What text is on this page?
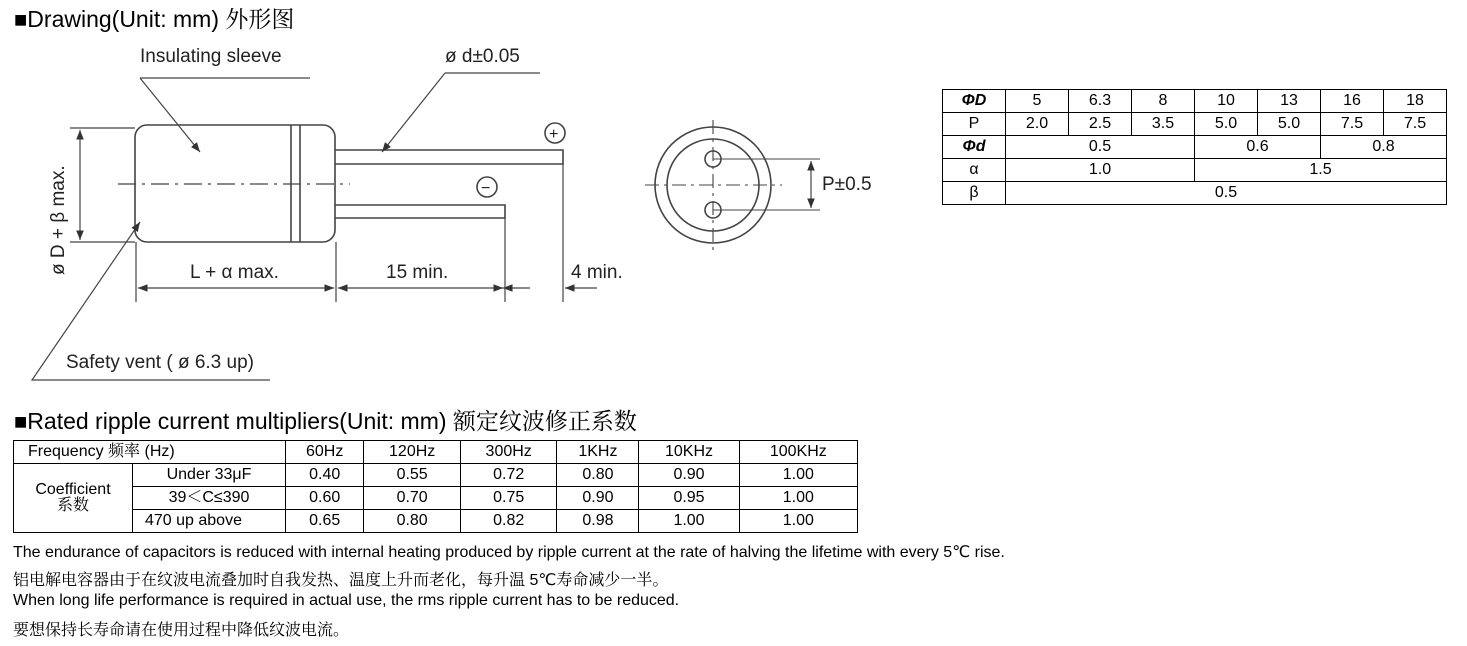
■Drawing(Unit: mm) 外形图
Insulating sleeve	ø d±0.05
ø D + β max.	L + α max.	15 min.	4 min.
P±0.5
Safety vent ( ø 6.3 up)
+
−
ΦD	5	6.3	8	10	13	16	18
P	2.0	2.5	3.5	5.0	5.0	7.5	7.5
Φd	0.5			0.6		0.8	
α	1.0			1.5			
β	0.5						
■Rated ripple current multipliers(Unit: mm) 额定纹波修正系数
Frequency 频率 (Hz)		60Hz	120Hz	300Hz	1KHz	10KHz	100KHz

Coefficient
系数	Under 33μF	0.40	0.55	0.72	0.80	0.90	1.00
	39＜C≤390	0.60	0.70	0.75	0.90	0.95	1.00
	470 up above	0.65	0.80	0.82	0.98	1.00	1.00
The endurance of capacitors is reduced with internal heating produced by ripple current at the rate of halving the lifetime with every 5℃ rise.
铝电解电容器由于在纹波电流叠加时自我发热、温度上升而老化，每升温 5℃寿命减少一半。
When long life performance is required in actual use, the rms ripple current has to be reduced.
要想保持长寿命请在使用过程中降低纹波电流。
